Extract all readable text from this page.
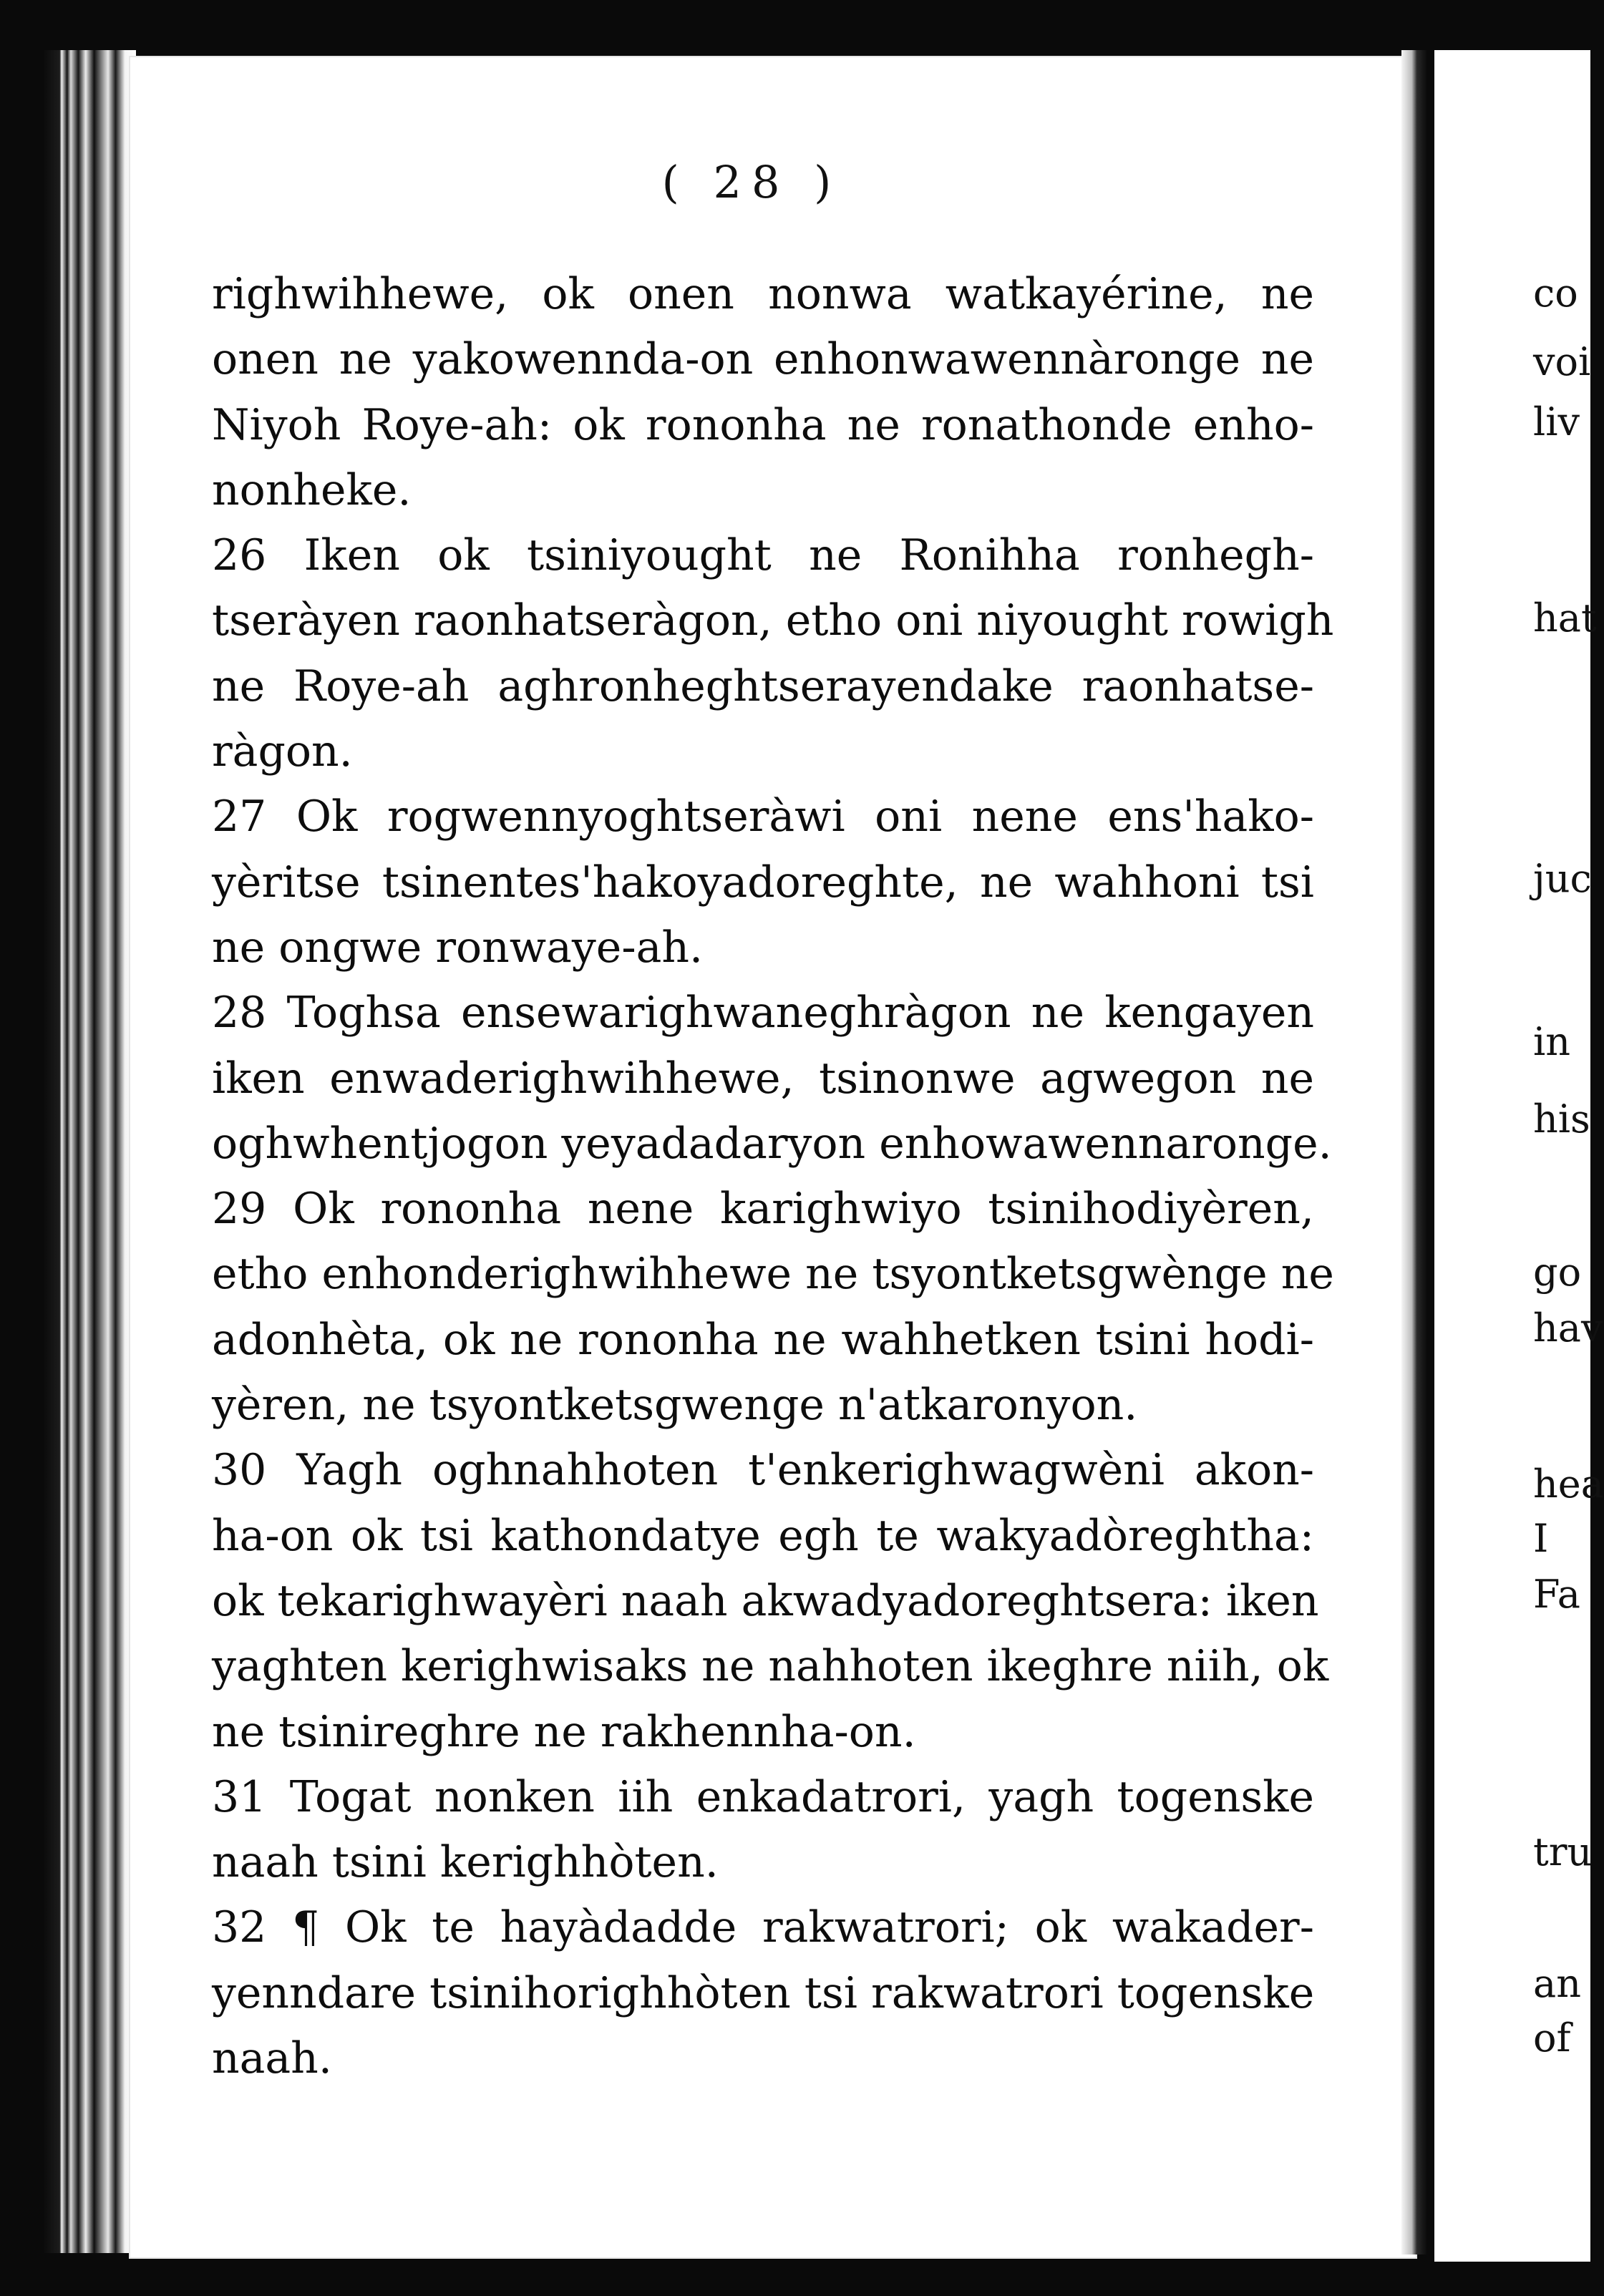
co
voi
liv
hat
juc
in
his
go
hav
hea
I
Fa
tru
an
of
( 28 )
righwihhewe, ok onen nonwa watkayérine, ne
onen ne yakowennda-on enhonwawennàronge ne
Niyoh Roye-ah: ok rononha ne ronathonde enho-
nonheke.
26 Iken ok tsiniyought ne Ronihha ronhegh-
tseràyen raonhatseràgon, etho oni niyought rowigh
ne Roye-ah aghronheghtserayendake raonhatse-
ràgon.
27 Ok rogwennyoghtseràwi oni nene ens'hako-
yèritse tsinentes'hakoyadoreghte, ne wahhoni tsi
ne ongwe ronwaye-ah.
28 Toghsa ensewarighwaneghràgon ne kengayen
iken enwaderighwihhewe, tsinonwe agwegon ne
oghwhentjogon yeyadadaryon enhowawennaronge.
29 Ok rononha nene karighwiyo tsinihodiyèren,
etho enhonderighwihhewe ne tsyontketsgwènge ne
adonhèta, ok ne rononha ne wahhetken tsini hodi-
yèren, ne tsyontketsgwenge n'atkaronyon.
30 Yagh oghnahhoten t'enkerighwagwèni akon-
ha-on ok tsi kathondatye egh te wakyadòreghtha:
ok tekarighwayèri naah akwadyadoreghtsera: iken
yaghten kerighwisaks ne nahhoten ikeghre niih, ok
ne tsinireghre ne rakhennha-on.
31 Togat nonken iih enkadatrori, yagh togenske
naah tsini kerighhòten.
32 ¶ Ok te hayàdadde rakwatrori; ok wakader-
yenndare tsinihorighhòten tsi rakwatrori togenske
naah.
